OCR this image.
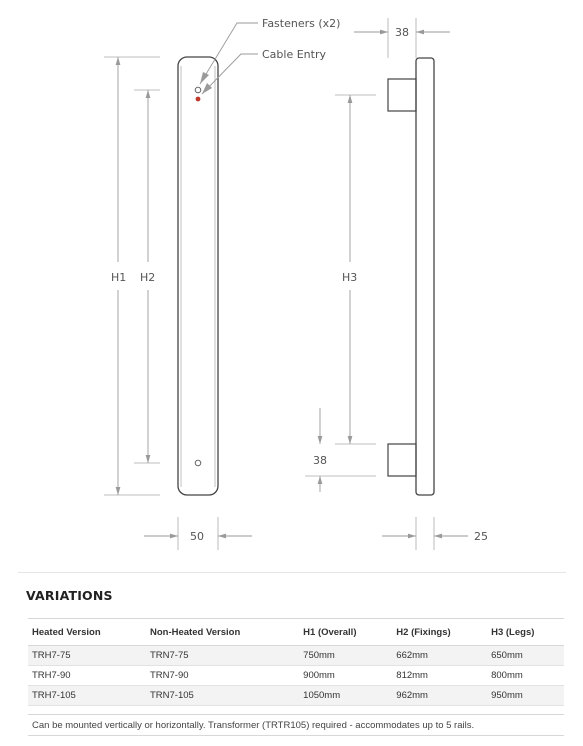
Fasteners (x2)
Cable Entry
H1 H2
50
38
H3
38
25
VARIATIONS
Heated Version	Non-Heated Version	H1 (Overall)	H2 (Fixings)	H3 (Legs)
TRH7-75	TRN7-75	750mm	662mm	650mm
TRH7-90	TRN7-90	900mm	812mm	800mm
TRH7-105	TRN7-105	1050mm	962mm	950mm
Can be mounted vertically or horizontally. Transformer (TRTR105) required - accommodates up to 5 rails.
